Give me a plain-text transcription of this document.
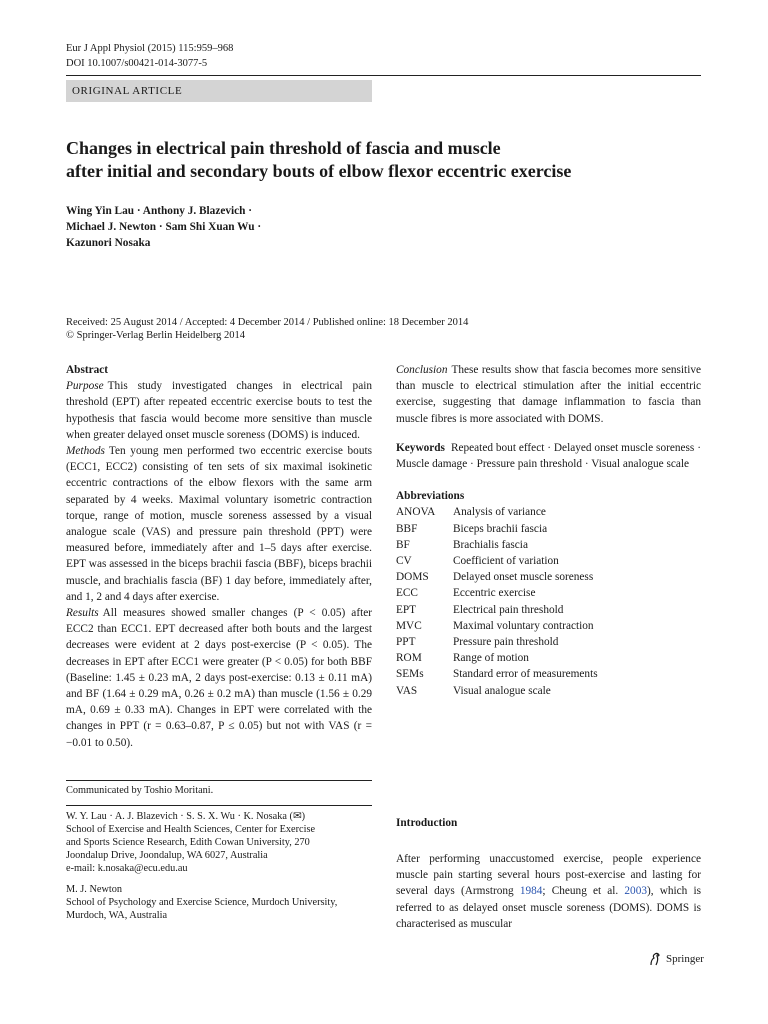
Eur J Appl Physiol (2015) 115:959–968
DOI 10.1007/s00421-014-3077-5
ORIGINAL ARTICLE
Changes in electrical pain threshold of fascia and muscle
after initial and secondary bouts of elbow flexor eccentric exercise
Wing Yin Lau · Anthony J. Blazevich ·
Michael J. Newton · Sam Shi Xuan Wu ·
Kazunori Nosaka
Received: 25 August 2014 / Accepted: 4 December 2014 / Published online: 18 December 2014
© Springer-Verlag Berlin Heidelberg 2014

Abstract

Purpose This study investigated changes in electrical pain threshold (EPT) after repeated eccentric exercise bouts to test the hypothesis that fascia would become more sensitive than muscle when greater delayed onset muscle soreness (DOMS) is induced.

Methods Ten young men performed two eccentric exercise bouts (ECC1, ECC2) consisting of ten sets of six maximal isokinetic eccentric contractions of the elbow flexors with the same arm separated by 4 weeks. Maximal voluntary isometric contraction torque, range of motion, muscle soreness assessed by a visual analogue scale (VAS) and pressure pain threshold (PPT) were measured before, immediately after and 1–5 days after exercise. EPT was assessed in the biceps brachii fascia (BBF), biceps brachii muscle, and brachialis fascia (BF) 1 day before, immediately after, and 1, 2 and 4 days after exercise.

Results All measures showed smaller changes (P < 0.05) after ECC2 than ECC1. EPT decreased after both bouts and the largest decreases were evident at 2 days post-exercise (P < 0.05). The decreases in EPT after ECC1 were greater (P < 0.05) for both BBF (Baseline: 1.45 ± 0.23 mA, 2 days post-exercise: 0.13 ± 0.11 mA) and BF (1.64 ± 0.29 mA, 0.26 ± 0.2 mA) than muscle (1.56 ± 0.29 mA, 0.69 ± 0.33 mA). Changes in EPT were correlated with the changes in PPT (r = 0.63–0.87, P ≤ 0.05) but not with VAS (r = −0.01 to 0.50).

Conclusion These results show that fascia becomes more sensitive than muscle to electrical stimulation after the initial eccentric exercise, suggesting that damage inflammation to fascia than muscle fibres is more associated with DOMS.

Keywords Repeated bout effect · Delayed onset muscle soreness · Muscle damage · Pressure pain threshold · Visual analogue scale

Abbreviations

ANOVA	Analysis of variance
BBF	Biceps brachii fascia
BF	Brachialis fascia
CV	Coefficient of variation
DOMS	Delayed onset muscle soreness
ECC	Eccentric exercise
EPT	Electrical pain threshold
MVC	Maximal voluntary contraction
PPT	Pressure pain threshold
ROM	Range of motion
SEMs	Standard error of measurements
VAS	Visual analogue scale
Communicated by Toshio Moritani.

W. Y. Lau · A. J. Blazevich · S. S. X. Wu · K. Nosaka (✉)

School of Exercise and Health Sciences, Center for Exercise

and Sports Science Research, Edith Cowan University, 270

Joondalup Drive, Joondalup, WA 6027, Australia

e-mail: k.nosaka@ecu.edu.au

M. J. Newton

School of Psychology and Exercise Science, Murdoch University,

Murdoch, WA, Australia

Introduction
After performing unaccustomed exercise, people experience muscle pain starting several hours post-exercise and lasting for several days (Armstrong 1984; Cheung et al. 2003), which is referred to as delayed onset muscle soreness (DOMS). DOMS is characterised as muscular
Springer
